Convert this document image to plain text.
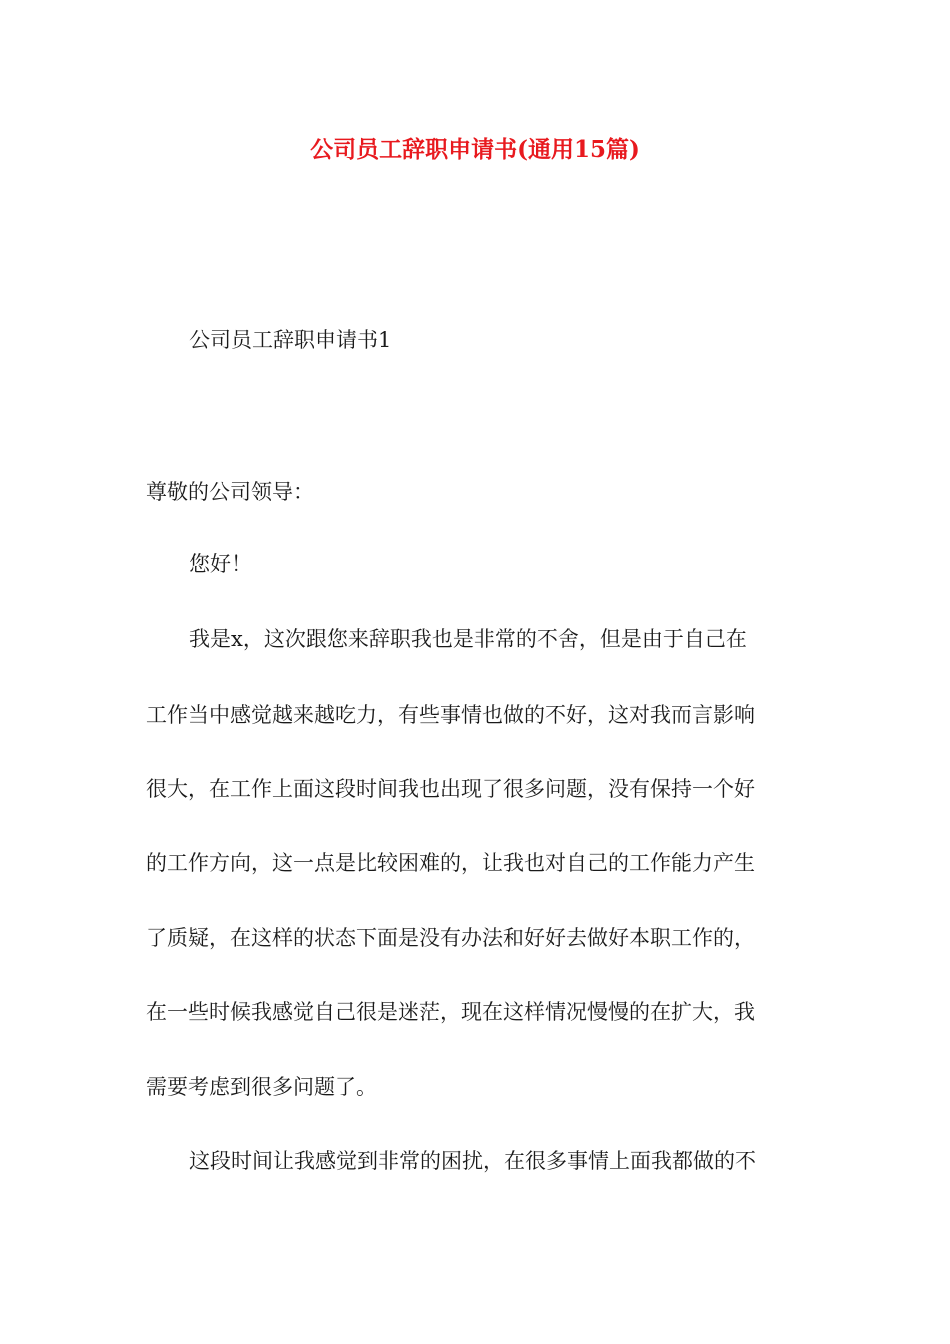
公司员工辞职申请书(通用15篇)
公司员工辞职申请书1
尊敬的公司领导：
您好！
我是x，这次跟您来辞职我也是非常的不舍，但是由于自己在
工作当中感觉越来越吃力，有些事情也做的不好，这对我而言影响
很大，在工作上面这段时间我也出现了很多问题，没有保持一个好
的工作方向，这一点是比较困难的，让我也对自己的工作能力产生
了质疑，在这样的状态下面是没有办法和好好去做好本职工作的，
在一些时候我感觉自己很是迷茫，现在这样情况慢慢的在扩大，我
需要考虑到很多问题了。
这段时间让我感觉到非常的困扰，在很多事情上面我都做的不
